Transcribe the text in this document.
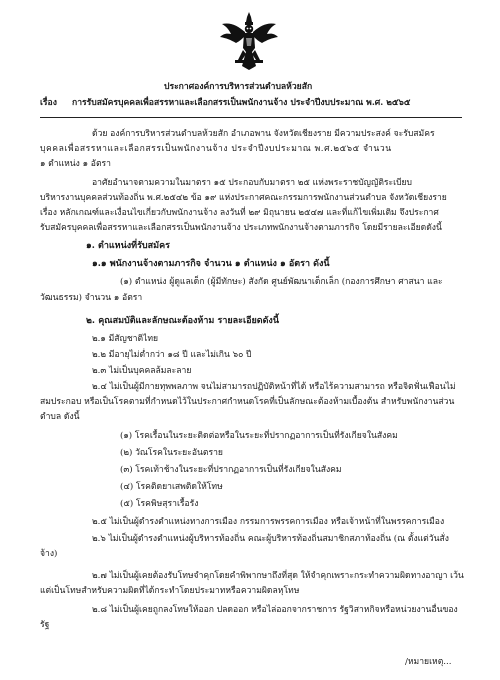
ประกาศองค์การบริหารส่วนตำบลห้วยสัก
เรื่อง การรับสมัครบุคคลเพื่อสรรหาและเลือกสรรเป็นพนักงานจ้าง ประจำปีงบประมาณ พ.ศ. ๒๕๖๕
ด้วย องค์การบริหารส่วนตำบลห้วยสัก อำเภอพาน จังหวัดเชียงราย มีความประสงค์ จะรับสมัคร
บุคคลเพื่อสรรหาและเลือกสรรเป็นพนักงานจ้าง ประจำปีงบประมาณ พ.ศ.๒๕๖๕ จำนวน
๑ ตำแหน่ง ๑ อัตรา
อาศัยอำนาจตามความในมาตรา ๑๕ ประกอบกับมาตรา ๒๕ แห่งพระราชบัญญัติระเบียบ
บริหารงานบุคคลส่วนท้องถิ่น พ.ศ.๒๕๔๒ ข้อ ๑๙ แห่งประกาศคณะกรรมการพนักงานส่วนตำบล จังหวัดเชียงราย
เรื่อง หลักเกณฑ์และเงื่อนไขเกี่ยวกับพนักงานจ้าง ลงวันที่ ๒๙ มิถุนายน ๒๕๔๗ และที่แก้ไขเพิ่มเติม จึงประกาศ
รับสมัครบุคคลเพื่อสรรหาและเลือกสรรเป็นพนักงานจ้าง ประเภทพนักงานจ้างตามภารกิจ โดยมีรายละเอียดดังนี้
๑. ตำแหน่งที่รับสมัคร
๑.๑ พนักงานจ้างตามภารกิจ จำนวน ๑ ตำแหน่ง ๑ อัตรา ดังนี้
(๑) ตำแหน่ง ผู้ดูแลเด็ก (ผู้มีทักษะ) สังกัด ศูนย์พัฒนาเด็กเล็ก (กองการศึกษา ศาสนา และ
วัฒนธรรม) จำนวน ๑ อัตรา
๒. คุณสมบัติและลักษณะต้องห้าม รายละเอียดดังนี้
๒.๑ มีสัญชาติไทย
๒.๒ มีอายุไม่ต่ำกว่า ๑๘ ปี และไม่เกิน ๖๐ ปี
๒.๓ ไม่เป็นบุคคลล้มละลาย
๒.๔ ไม่เป็นผู้มีกายทุพพลภาพ จนไม่สามารถปฏิบัติหน้าที่ได้ หรือไร้ความสามารถ หรือจิตฟั่นเฟือนไม่
สมประกอบ หรือเป็นโรคตามที่กำหนดไว้ในประกาศกำหนดโรคที่เป็นลักษณะต้องห้ามเบื้องต้น สำหรับพนักงานส่วน
ตำบล ดังนี้
(๑) โรคเรื้อนในระยะติดต่อหรือในระยะที่ปรากฏอาการเป็นที่รังเกียจในสังคม
(๒) วัณโรคในระยะอันตราย
(๓) โรคเท้าช้างในระยะที่ปรากฏอาการเป็นที่รังเกียจในสังคม
(๔) โรคติดยาเสพติดให้โทษ
(๕) โรคพิษสุราเรื้อรัง
๒.๕ ไม่เป็นผู้ดำรงตำแหน่งทางการเมือง กรรมการพรรคการเมือง หรือเจ้าหน้าที่ในพรรคการเมือง
๒.๖ ไม่เป็นผู้ดำรงตำแหน่งผู้บริหารท้องถิ่น คณะผู้บริหารท้องถิ่นสมาชิกสภาท้องถิ่น (ณ ตั้งแต่วันสั่ง
จ้าง)
๒.๗ ไม่เป็นผู้เคยต้องรับโทษจำคุกโดยคำพิพากษาถึงที่สุด ให้จำคุกเพราะกระทำความผิดทางอาญา เว้น
แต่เป็นโทษสำหรับความผิดที่ได้กระทำโดยประมาทหรือความผิดลหุโทษ
๒.๘ ไม่เป็นผู้เคยถูกลงโทษให้ออก ปลดออก หรือไล่ออกจากราชการ รัฐวิสาหกิจหรือหน่วยงานอื่นของ
รัฐ
/หมายเหตุ...
